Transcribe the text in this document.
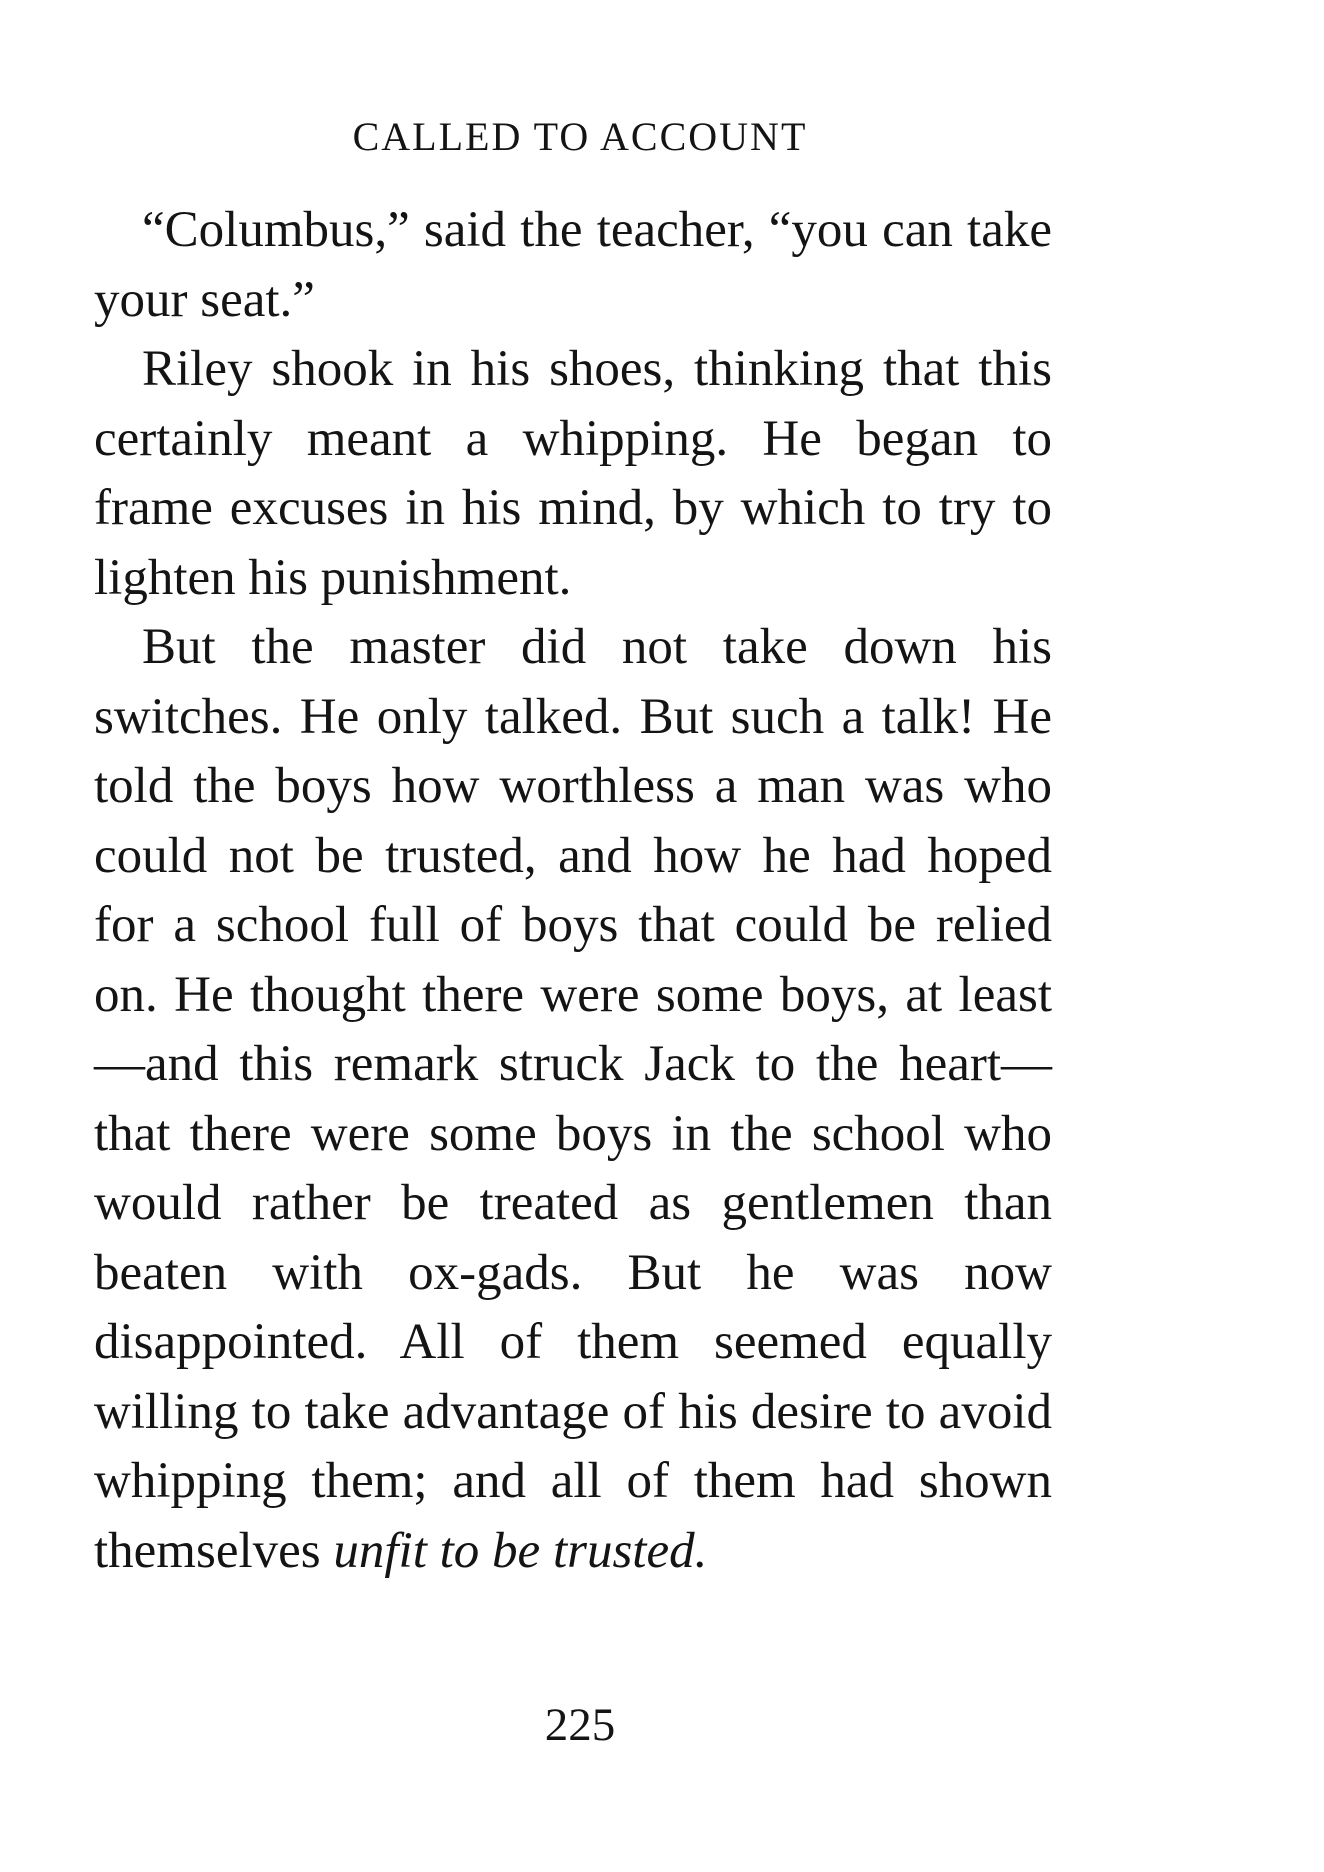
CALLED TO ACCOUNT

“Columbus,” said the teacher, “you can take your seat.”

Riley shook in his shoes, thinking that this certainly meant a whipping. He began to frame excuses in his mind, by which to try to lighten his punishment.

But the master did not take down his switches. He only talked. But such a talk! He told the boys how worthless a man was who could not be trusted, and how he had hoped for a school full of boys that could be relied on. He thought there were some boys, at least—and this remark struck Jack to the heart—that there were some boys in the school who would rather be treated as gentlemen than beaten with ox-gads. But he was now disappointed. All of them seemed equally willing to take advantage of his desire to avoid whipping them; and all of them had shown themselves unfit to be trusted.

225
